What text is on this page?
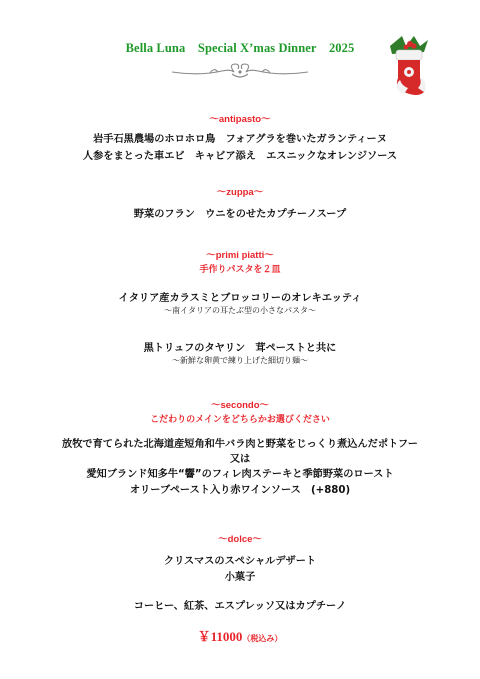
Bella Luna　Special X’mas Dinner　2025
～antipasto～
岩手石黒農場のホロホロ鳥　フォアグラを巻いたガランティーヌ
人参をまとった車エビ　キャビア添え　エスニックなオレンジソース
～zuppa～
野菜のフラン　ウニをのせたカプチーノスープ
～primi piatti～
手作りパスタを２皿
イタリア産カラスミとブロッコリーのオレキエッティ
～南イタリアの耳たぶ型の小さなパスタ～
黒トリュフのタヤリン　茸ペーストと共に
～新鮮な卵黄で練り上げた細切り麺～
～secondo～
こだわりのメインをどちらかお選びください
放牧で育てられた北海道産短角和牛バラ肉と野菜をじっくり煮込んだポトフー
又は
愛知ブランド知多牛“響”のフィレ肉ステーキと季節野菜のロースト
オリーブペースト入り赤ワインソース　(+880)
～dolce～
クリスマスのスペシャルデザート
小菓子
コーヒー、紅茶、エスプレッソ又はカプチーノ
￥11000（税込み）
